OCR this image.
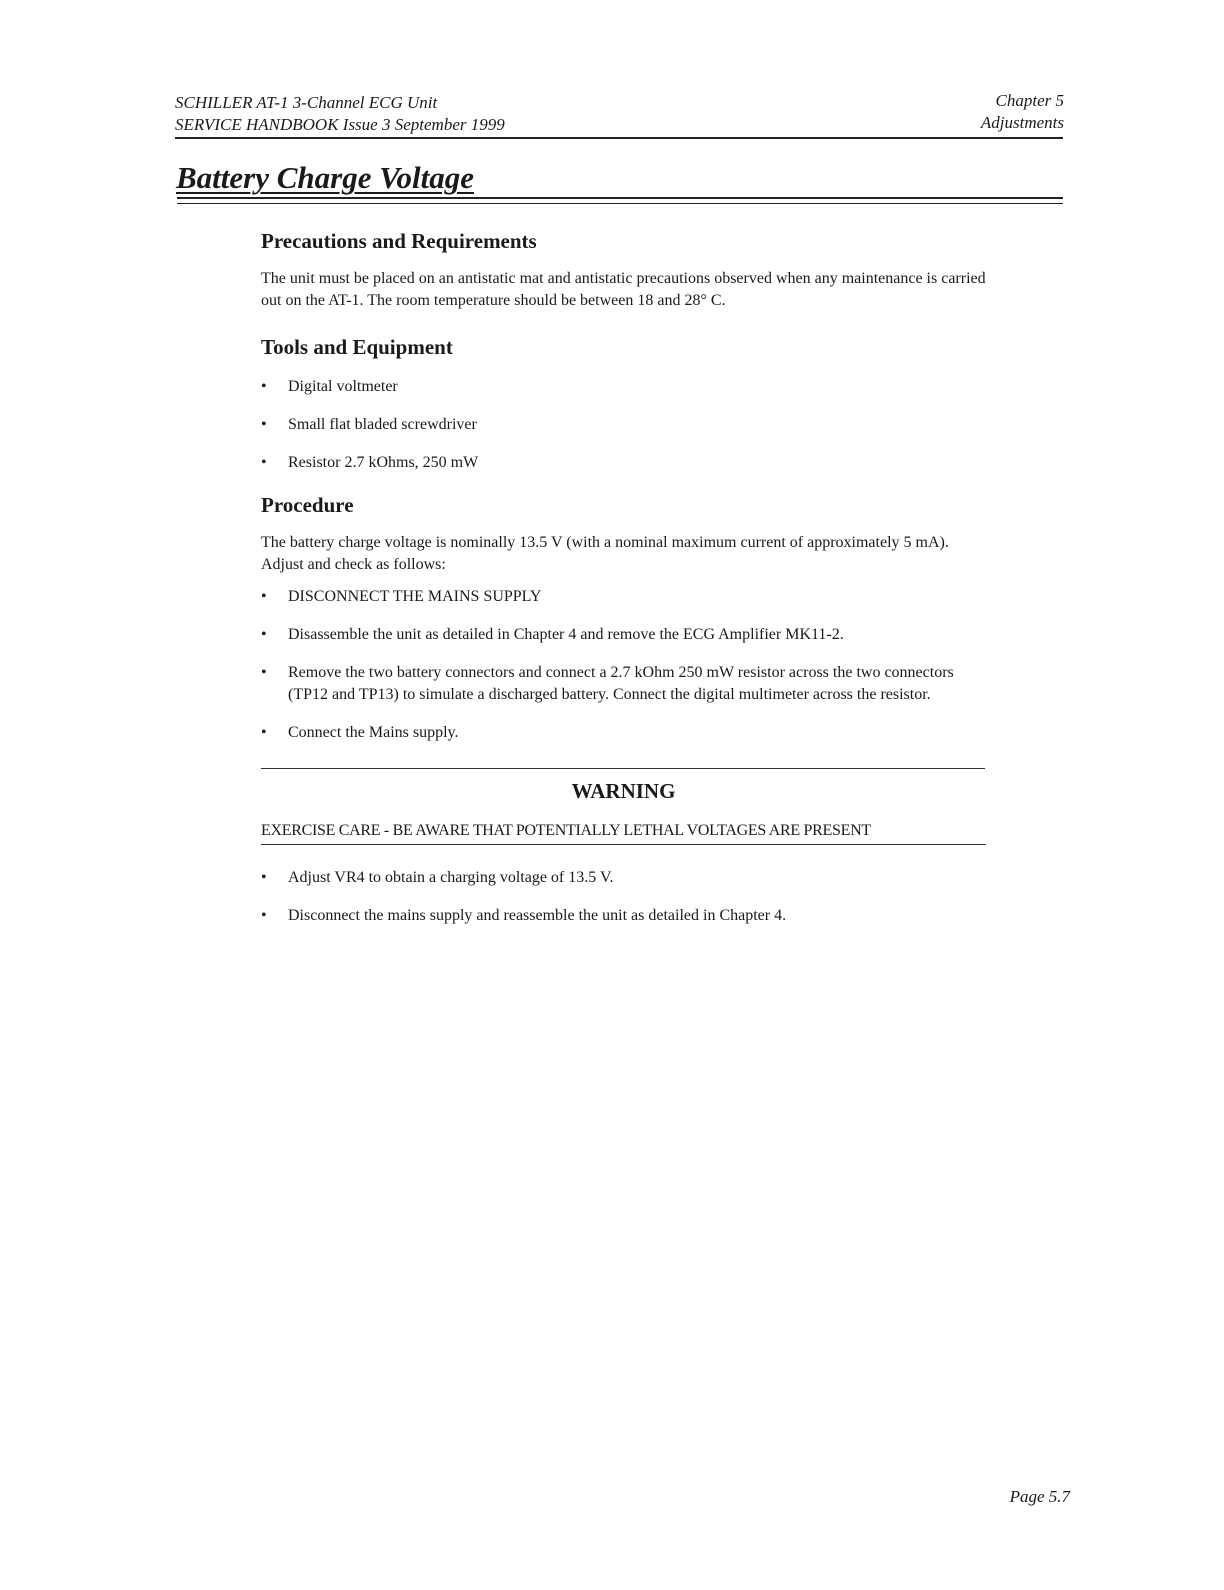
SCHILLER AT-1 3-Channel ECG Unit
SERVICE HANDBOOK Issue 3 September 1999
Chapter 5
Adjustments
Battery Charge Voltage
Precautions and Requirements

The unit must be placed on an antistatic mat and antistatic precautions observed when any maintenance is carried out on the AT-1. The room temperature should be between 18 and 28° C.

Tools and Equipment
• Digital voltmeter
• Small flat bladed screwdriver
• Resistor 2.7 kOhms, 250 mW
Procedure

The battery charge voltage is nominally 13.5 V (with a nominal maximum current of approximately 5 mA). Adjust and check as follows:

• DISCONNECT THE MAINS SUPPLY
• Disassemble the unit as detailed in Chapter 4 and remove the ECG Amplifier MK11-2.
• Remove the two battery connectors and connect a 2.7 kOhm 250 mW resistor across the two connectors (TP12 and TP13) to simulate a discharged battery. Connect the digital multimeter across the resistor.
• Connect the Mains supply.
WARNING
EXERCISE CARE - BE AWARE THAT POTENTIALLY LETHAL VOLTAGES ARE PRESENT
• Adjust VR4 to obtain a charging voltage of 13.5 V.
• Disconnect the mains supply and reassemble the unit as detailed in Chapter 4.
Page 5.7
